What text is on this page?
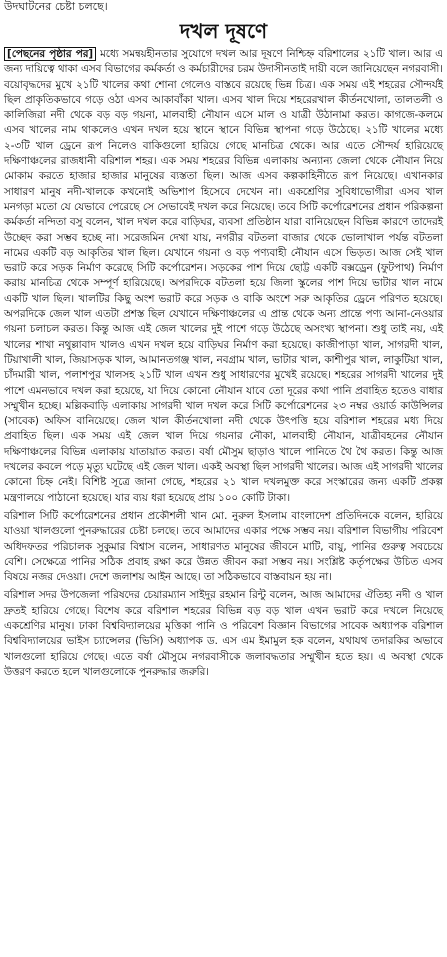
উদঘাটনের চেষ্টা চলছে।
দখল দূষণে

[পেছনের পৃষ্ঠার পর] মধ্যে সমন্বয়হীনতার সুযোগে দখল আর দূষণে নিশ্চিহ্ন বরিশালের ২১টি খাল। আর এ জন্য দায়িত্বে থাকা এসব বিভাগের কর্মকর্তা ও কর্মচারীদের চরম উদাসীনতাই দায়ী বলে জানিয়েছেন নগরবাসী। বয়োবৃদ্ধদের মুখে ২১টি খালের কথা শোনা গেলেও বাস্তবে রয়েছে ভিন্ন চিত্র। এক সময় এই শহরের সৌন্দর্যই ছিল প্রাকৃতিকভাবে গড়ে ওঠা এসব আকাবাঁকা খাল। এসব খাল দিয়ে শহরেরখাল কীর্তনখোলা, তালতলী ও কালিজিরা নদী থেকে বড় বড় গয়না, মালবাহী নৌযান এসে মাল ও যাত্রী উঠানামা করত। কাগজে-কলমে এসব খালের নাম থাকলেও এখন দখল হয়ে স্থানে স্থানে বিভিন্ন স্থাপনা গড়ে উঠেছে। ২১টি খালের মধ্যে ২-৩টি খাল ড্রেনে রূপ নিলেও বাকিগুলো হারিয়ে গেছে মানচিত্র থেকে। আর এতে সৌন্দর্য হারিয়েছে দক্ষিণাঞ্চলের রাজধানী বরিশাল শহর। এক সময় শহরের বিভিন্ন এলাকায় অন্যান্য জেলা থেকে নৌযান নিয়ে মোকাম করতে হাজার হাজার মানুষের ব্যস্ততা ছিল। আজ এসব কল্পকাহিনীতে রূপ নিয়েছে। এখানকার সাধারণ মানুষ নদী-খালকে কখনোই অভিশাপ হিসেবে দেখেন না। একশ্রেণির সুবিধাভোগীরা এসব খাল মনগড়া মতো যে যেভাবে পেরেছে সে সেভাবেই দখল করে নিয়েছে। তবে সিটি কর্পোরেশনের প্রধান পরিকল্পনা কর্মকর্তা নন্দিতা বসু বলেন, খাল দখল করে বাড়িঘর, ব্যবসা প্রতিষ্ঠান যারা বানিয়েছেন বিভিন্ন কারণে তাদেরই উচ্ছেদ করা সম্ভব হচ্ছে না। সরেজমিন দেখা যায়, নগরীর বটতলা বাজার থেকে ভোলাখাল পর্যন্ত বটতলা নামের একটি বড় আকৃতির খাল ছিল। যেখানে গয়না ও বড় পণ্যবাহী নৌযান এসে ভিড়ত। আজ সেই খাল ভরাট করে সড়ক নির্মাণ করেছে সিটি কর্পোরেশন। সড়কের পাশ দিয়ে ছোট্ট একটি বক্সড্রেন (ফুটপাথ) নির্মাণ করায় মানচিত্র থেকে সম্পূর্ণ হারিয়েছে। অপরদিকে বটতলা হয়ে জিলা স্কুলের পাশ দিয়ে ভাটার খাল নামে একটি খাল ছিল। খালটির কিছু অংশ ভরাট করে সড়ক ও বাকি অংশে সরু আকৃতির ড্রেনে পরিণত হয়েছে। অপরদিকে জেল খাল এতটা প্রশস্ত ছিল যেখানে দক্ষিণাঞ্চলের এ প্রান্ত থেকে অন্য প্রান্তে পণ্য আনা-নেওয়ার গয়না চলাচল করত। কিন্তু আজ এই জেল খালের দুই পাশে গড়ে উঠেছে অসংখ্য স্থাপনা। শুধু তাই নয়, এই খালের শাখা নথুল্লাবাদ খালও এখন দখল হয়ে বাড়িঘর নির্মাণ করা হয়েছে। কাজীপাড়া খাল, সাগরদী খাল, টিয়াখালী খাল, জিয়াসড়ক খাল, আমানতগঞ্জ খাল, নবগ্রাম খাল, ভাটার খাল, কাশীপুর খাল, লাকুটিয়া খাল, চাঁদমারী খাল, পলাশপুর খালসহ ২১টি খাল এখন শুধু সাধারণের মুখেই রয়েছে। শহরের সাগরদী খালের দুই পাশে এমনভাবে দখল করা হয়েছে, যা দিয়ে কোনো নৌযান যাবে তো দূরের কথা পানি প্রবাহিত হতেও বাধার সম্মুখীন হচ্ছে। মল্লিকবাড়ি এলাকায় সাগরদী খাল দখল করে সিটি কর্পোরেশনের ২৩ নম্বর ওয়ার্ড কাউন্সিলর (সাবেক) অফিস বানিয়েছে। জেল খাল কীর্তনখোলা নদী থেকে উৎপত্তি হয়ে বরিশাল শহরের মধ্য দিয়ে প্রবাহিত ছিল। এক সময় এই জেল খাল দিয়ে গয়নার নৌকা, মালবাহী নৌযান, যাত্রীবহনের নৌযান দক্ষিণাঞ্চলের বিভিন্ন এলাকায় যাতায়াত করত। বর্ষা মৌসুম ছাড়াও খালে পানিতে থৈ থৈ করত। কিন্তু আজ দখলের কবলে পড়ে মৃত্যু ঘটেছে এই জেল খাল। একই অবস্থা ছিল সাগরদী খালের। আজ এই সাগরদী খালের কোনো চিহ্ন নেই। বিশিষ্ট সূত্রে জানা গেছে, শহরের ২১ খাল দখলমুক্ত করে সংস্কারের জন্য একটি প্রকল্প মন্ত্রণালয়ে পাঠানো হয়েছে। যার ব্যয় ধরা হয়েছে প্রায় ১০০ কোটি টাকা।

বরিশাল সিটি কর্পোরেশনের প্রধান প্রকৌশলী খান মো. নুরুল ইসলাম বাংলাদেশ প্রতিদিনকে বলেন, হারিয়ে যাওয়া খালগুলো পুনরুদ্ধারের চেষ্টা চলছে। তবে আমাদের একার পক্ষে সম্ভব নয়। বরিশাল বিভাগীয় পরিবেশ অধিদফতর পরিচালক সুকুমার বিশ্বাস বলেন, সাধারণত মানুষের জীবনে মাটি, বায়ু, পানির গুরুত্ব সবচেয়ে বেশি। সেক্ষেত্রে পানির সঠিক প্রবাহ রক্ষা করে উন্নত জীবন করা সম্ভব নয়। সংশ্লিষ্ট কর্তৃপক্ষের উচিত এসব বিষয়ে নজর দেওয়া। দেশে জলাশয় আইন আছে। তা সঠিকভাবে বাস্তবায়ন হয় না।

বরিশাল সদর উপজেলা পরিষদের চেয়ারম্যান সাইদুর রহমান রিন্টু বলেন, আজ আমাদের ঐতিহ্য নদী ও খাল দ্রুতই হারিয়ে গেছে। বিশেষ করে বরিশাল শহরের বিভিন্ন বড় বড় খাল এখন ভরাট করে দখলে নিয়েছে একশ্রেণির মানুষ। ঢাকা বিশ্ববিদ্যালয়ের মৃত্তিকা পানি ও পরিবেশ বিজ্ঞান বিভাগের সাবেক অধ্যাপক বরিশাল বিশ্ববিদ্যালয়ের ভাইস চ্যান্সেলর (ভিসি) অধ্যাপক ড. এস এম ইমামুল হক বলেন, যথাযথ তদারকির অভাবে খালগুলো হারিয়ে গেছে। এতে বর্ষা মৌসুমে নগরবাসীকে জলাবদ্ধতার সম্মুখীন হতে হয়। এ অবস্থা থেকে উত্তরণ করতে হলে খালগুলোকে পুনরুদ্ধার জরুরি।
